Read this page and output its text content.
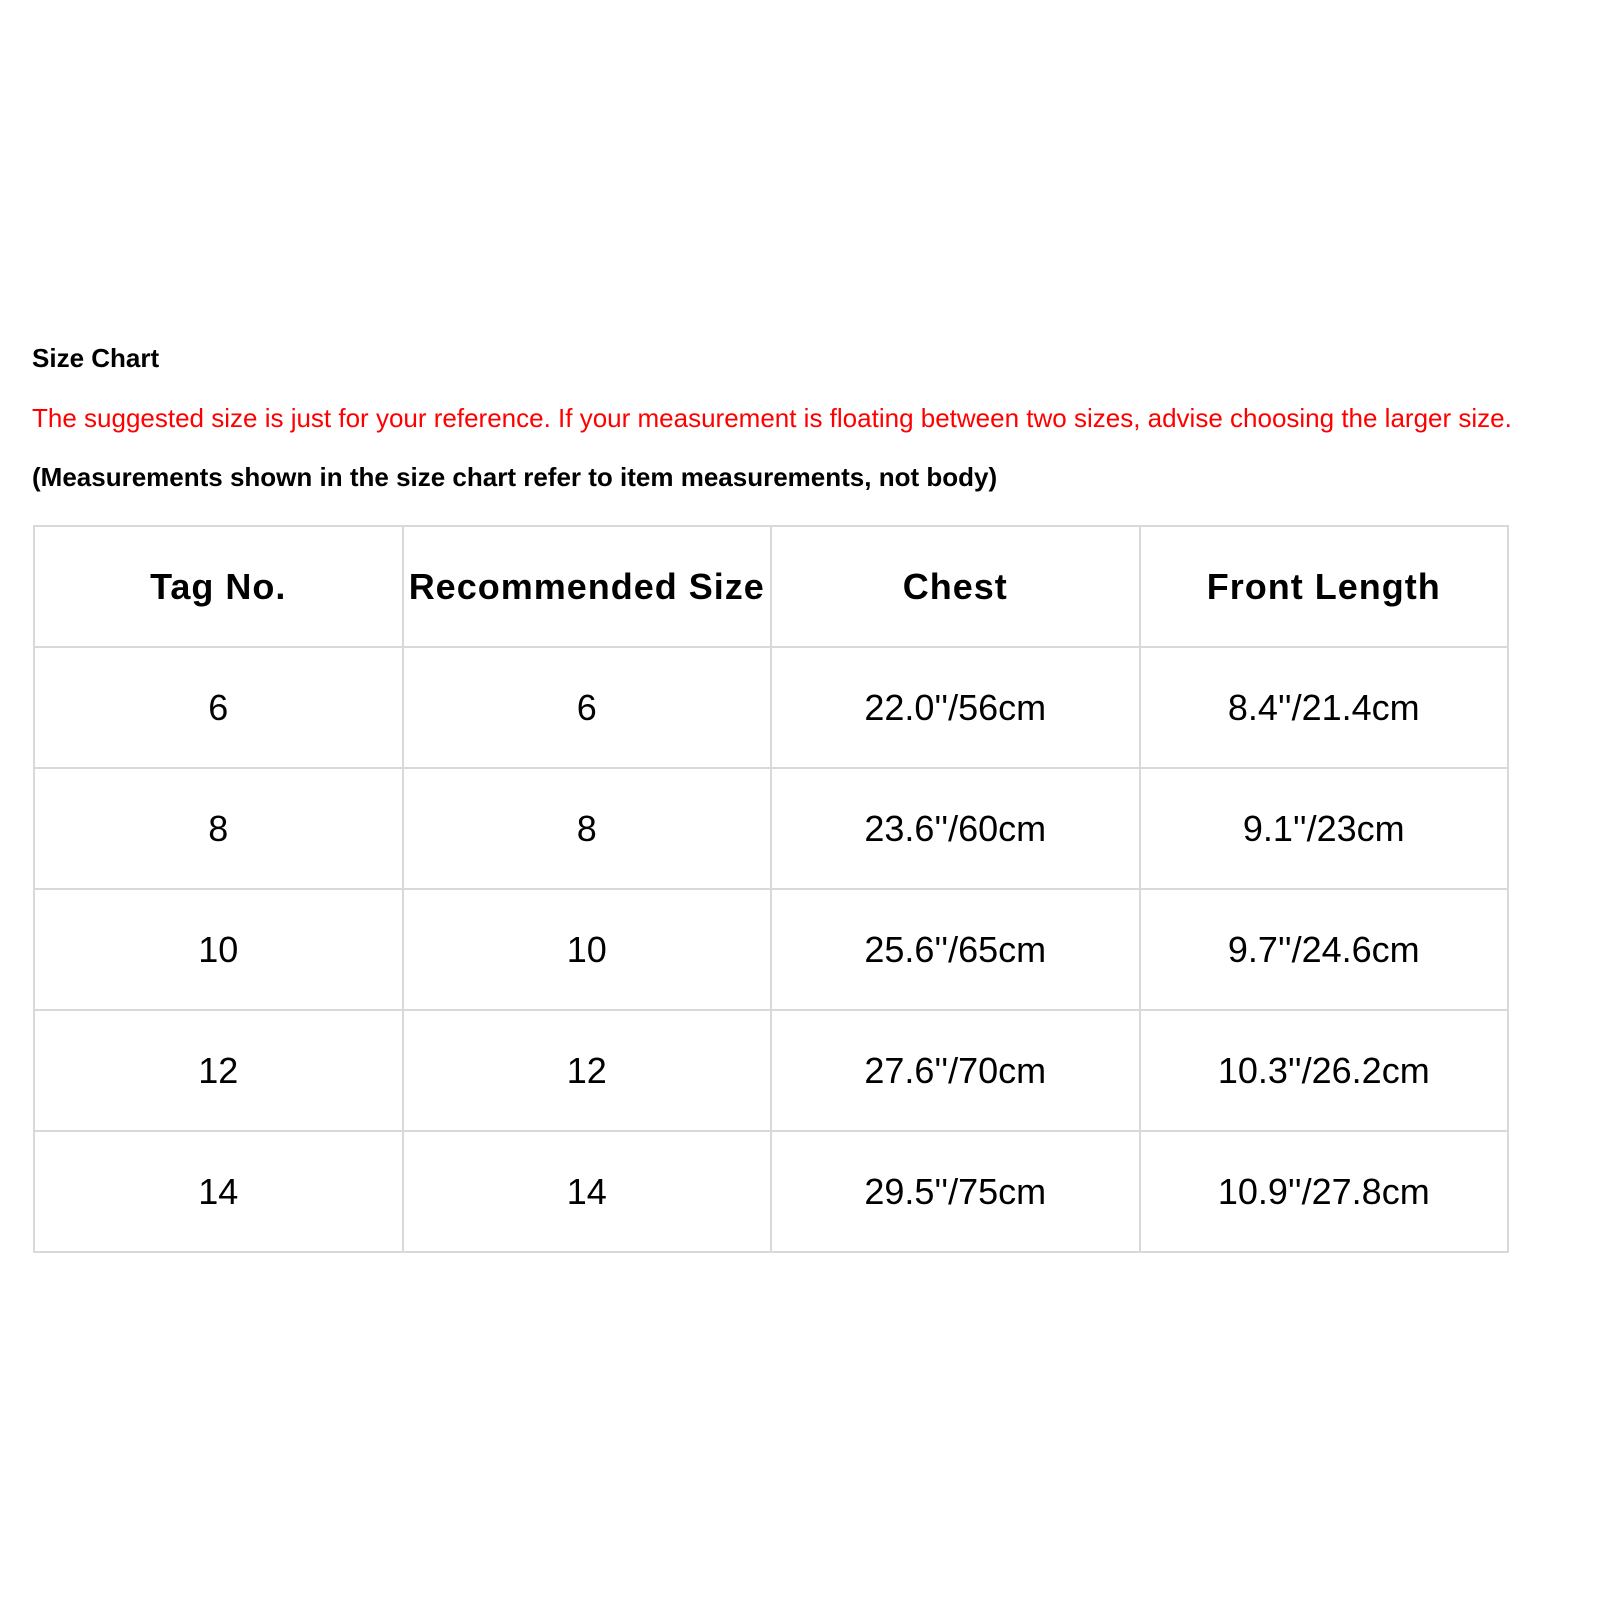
Size Chart
The suggested size is just for your reference. If your measurement is floating between two sizes, advise choosing the larger size.
(Measurements shown in the size chart refer to item measurements, not body)
Tag No.	Recommended Size	Chest	Front Length
6	6	22.0''/56cm	8.4''/21.4cm
8	8	23.6''/60cm	9.1''/23cm
10	10	25.6''/65cm	9.7''/24.6cm
12	12	27.6''/70cm	10.3''/26.2cm
14	14	29.5''/75cm	10.9''/27.8cm
